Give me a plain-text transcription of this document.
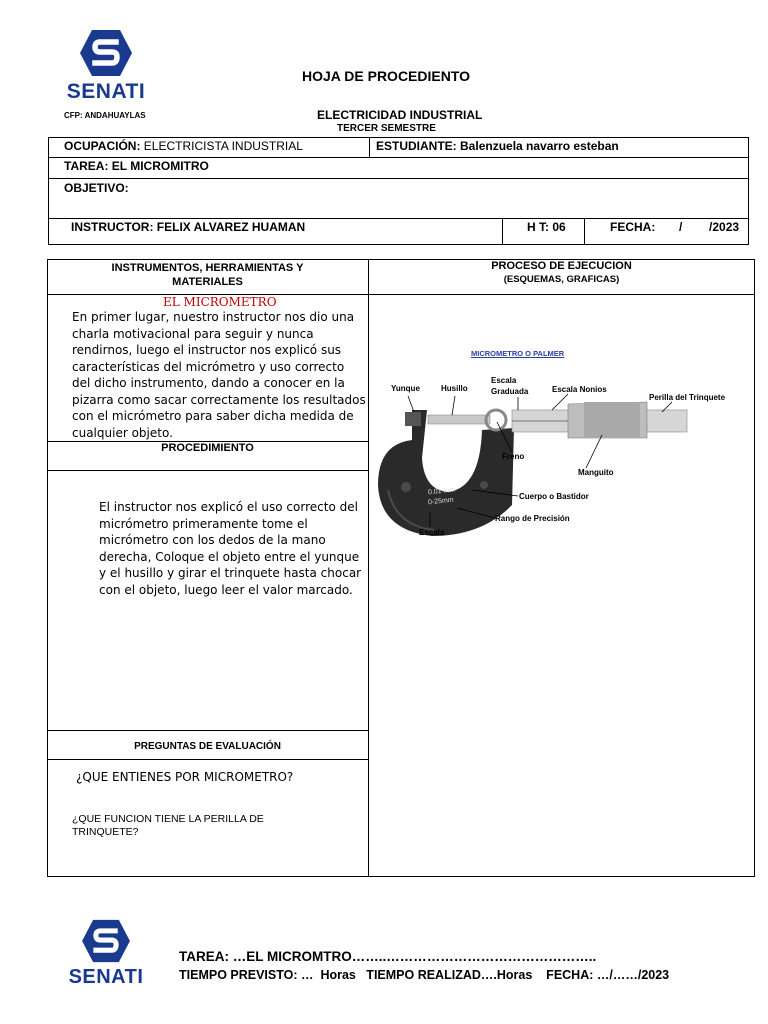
SENATI
HOJA DE PROCEDIENTO
CFP: ANDAHUAYLAS	ELECTRICIDAD INDUSTRIAL
TERCER SEMESTRE
OCUPACIÓN: ELECTRICISTA INDUSTRIAL	ESTUDIANTE: Balenzuela navarro esteban
TAREA: EL MICROMITRO
OBJETIVO:
INSTRUCTOR: FELIX ALVAREZ HUAMAN	H T: 06	FECHA: /        /2023
INSTRUMENTOS, HERRAMIENTAS Y
MATERIALES
EL MICROMETRO
En primer lugar, nuestro instructor nos dio una charla motivacional para seguir y nunca rendirnos, luego el instructor nos explicó sus características del micrómetro y uso correcto del dicho instrumento, dando a conocer en la pizarra como sacar correctamente los resultados con el micrómetro para saber dicha medida de cualquier objeto.
PROCEDIMIENTO
El instructor nos explicó el uso correcto del micrómetro primeramente tome el micrómetro con los dedos de la mano derecha, Coloque el objeto entre el yunque y el husillo y girar el trinquete hasta chocar con el objeto, luego leer el valor marcado.
PREGUNTAS DE EVALUACIÓN
¿QUE ENTIENES POR MICROMETRO?
¿QUE FUNCION TIENE LA PERILLA DE TRINQUETE?
PROCESO DE EJECUCION
(ESQUEMAS, GRAFICAS)
MICROMETRO O PALMER
Yunque	Husillo
Escala
Graduada	Escala Nonios
Perilla del Trinquete
Freno
Manguito
Cuerpo o Bastidor
Rango de Precisión
Escala
0.01 mm
0-25mm
SENATI
TAREA: …EL MICROMTRO……..………………………………………..
TIEMPO PREVISTO: …  Horas   TIEMPO REALIZAD….Horas    FECHA: …/……/2023
